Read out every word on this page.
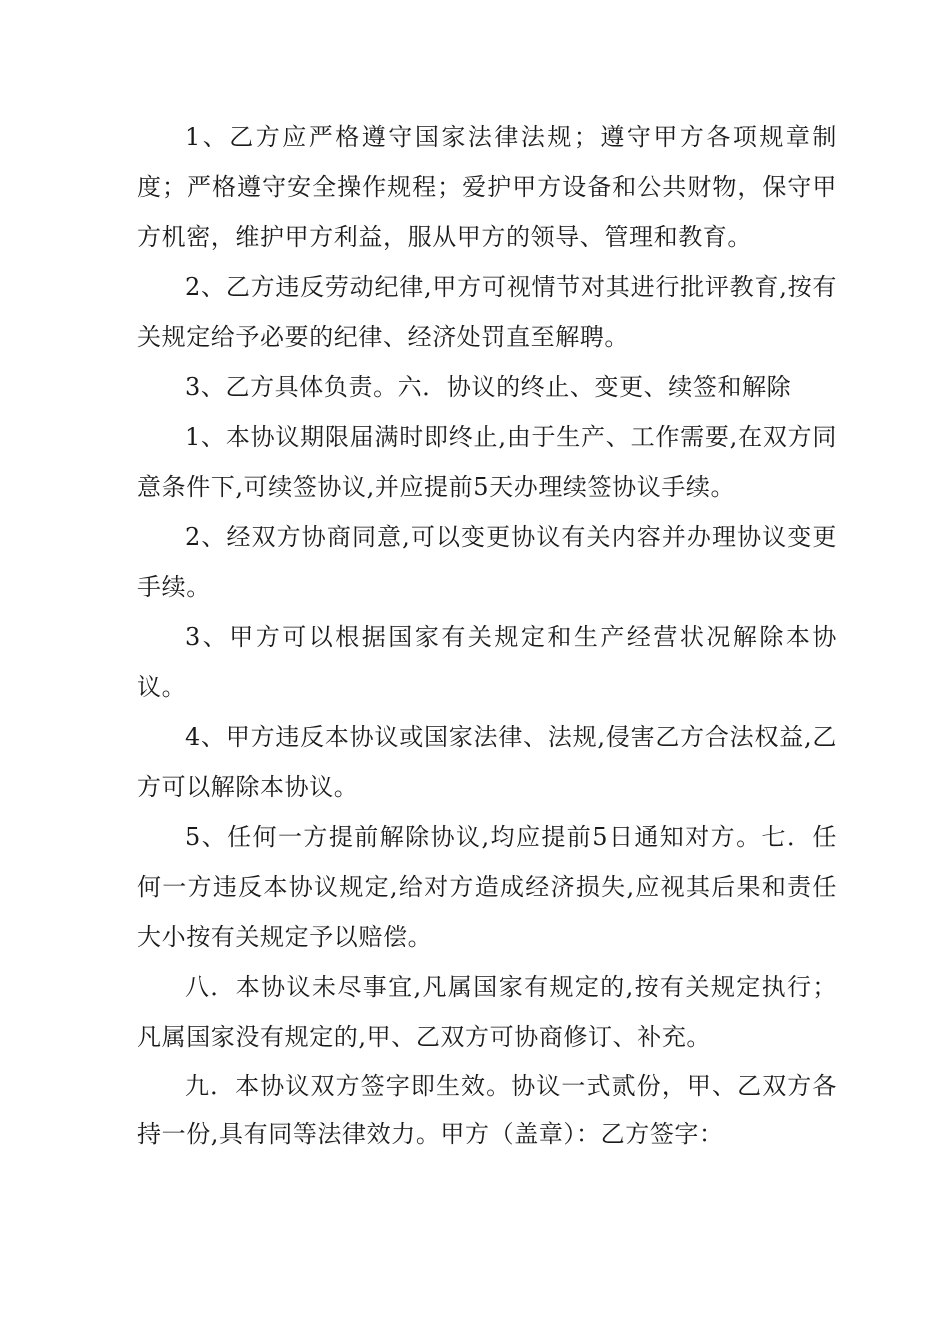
1、乙方应严格遵守国家法律法规；遵守甲方各项规章制度；严格遵守安全操作规程；爱护甲方设备和公共财物，保守甲方机密，维护甲方利益，服从甲方的领导、管理和教育。

2、乙方违反劳动纪律,甲方可视情节对其进行批评教育,按有关规定给予必要的纪律、经济处罚直至解聘。

3、乙方具体负责。六．协议的终止、变更、续签和解除

1、本协议期限届满时即终止,由于生产、工作需要,在双方同意条件下,可续签协议,并应提前5天办理续签协议手续。

2、经双方协商同意,可以变更协议有关内容并办理协议变更手续。

3、甲方可以根据国家有关规定和生产经营状况解除本协议。

4、甲方违反本协议或国家法律、法规,侵害乙方合法权益,乙方可以解除本协议。

5、任何一方提前解除协议,均应提前5日通知对方。七．任何一方违反本协议规定,给对方造成经济损失,应视其后果和责任大小按有关规定予以赔偿。

八．本协议未尽事宜,凡属国家有规定的,按有关规定执行；凡属国家没有规定的,甲、乙双方可协商修订、补充。

九．本协议双方签字即生效。协议一式贰份，甲、乙双方各持一份,具有同等法律效力。甲方（盖章）：乙方签字：
